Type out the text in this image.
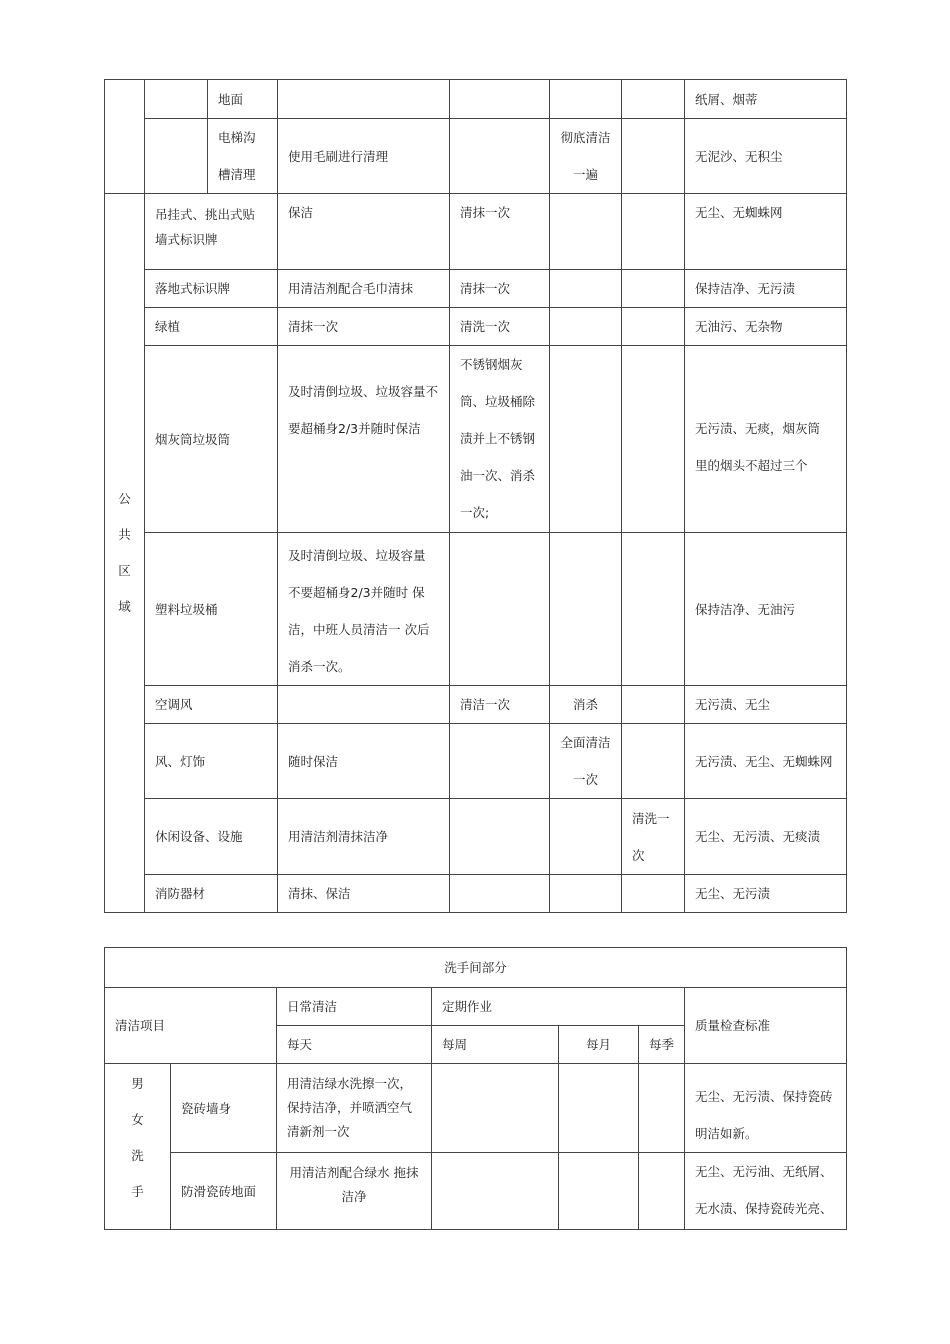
		地面					纸屑、烟蒂
		电梯沟槽清理	使用毛刷进行清理		彻底清洁一遍		无泥沙、无积尘

公共区域	吊挂式、挑出式贴墙式标识牌		保洁	清抹一次			无尘、无蜘蛛网
	落地式标识牌		用清洁剂配合毛巾清抹	清抹一次			保持洁净、无污渍
	绿植		清抹一次	清洗一次			无油污、无杂物
	烟灰筒垃圾筒		及时清倒垃圾、垃圾容量不要超桶身2/3并随时保洁	不锈钢烟灰筒、垃圾桶除渍并上不锈钢油一次、消杀一次;			无污渍、无痰，烟灰筒 里的烟头不超过三个
	塑料垃圾桶		及时清倒垃圾、垃圾容量 不要超桶身2/3并随时 保洁，中班人员清洁一 次后消杀一次。				保持洁净、无油污
	空调风			清洁一次	消杀		无污渍、无尘
	风、灯饰		随时保洁		全面清洁一次		无污渍、无尘、无蜘蛛网
	休闲设备、设施		用清洁剂清抹洁净			清洗一次	无尘、无污渍、无痰渍
	消防器材		清抹、保洁				无尘、无污渍
洗手间部分						
清洁项目		日常清洁	定期作业			质量检查标准
		每天	每周	每月	每季	

男女洗手	瓷砖墙身	用清洁绿水洗擦一次，保持洁净，并喷洒空气清新剂一次				无尘、无污渍、保持瓷砖明洁如新。
	防滑瓷砖地面	用清洁剂配合绿水 拖抹洁净				无尘、无污油、无纸屑、无水渍、保持瓷砖光亮、
